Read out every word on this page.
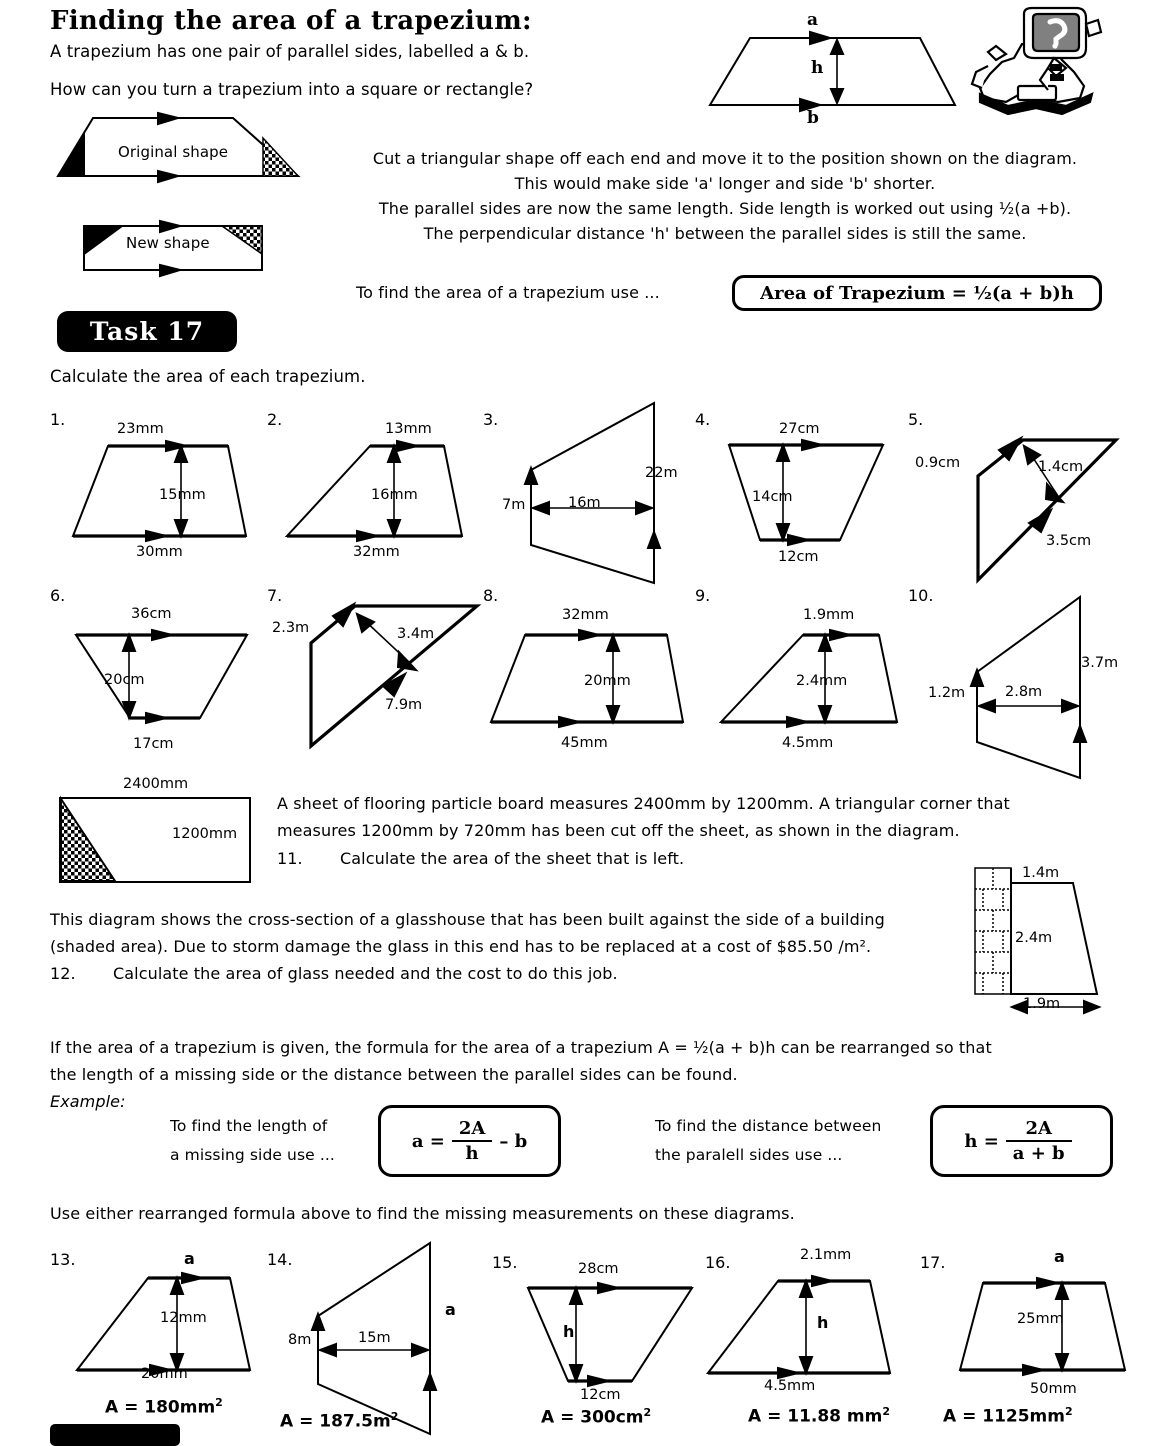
Finding the area of a trapezium:
A trapezium has one pair of parallel sides, labelled a & b.
How can you turn a trapezium into a square or rectangle?
a
h
b
Original shape
New shape
Cut a triangular shape off each end and move it to the position shown on the diagram.
This would make side 'a' longer and side 'b' shorter.
The parallel sides are now the same length. Side length is worked out using ½(a +b).
The perpendicular distance 'h' between the parallel sides is still the same.
To find the area of a trapezium use ...	Area of Trapezium = ½(a + b)h
Task 17
Calculate the area of each trapezium.
1.	23mm
15mm
30mm
2.	13mm
16mm
32mm
3.
7m	16m
22m
4.	27cm
14cm
12cm
5.
0.9cm	1.4cm
3.5cm
6.
36cm
20cm
17cm
7.
2.3m	3.4m
7.9m
8.
32mm
20mm
45mm
9.
1.9mm
2.4mm
4.5mm
10.
1.2m	2.8m
3.7m
2400mm
1200mm
A sheet of flooring particle board measures 2400mm by 1200mm. A triangular corner that
measures 1200mm by 720mm has been cut off the sheet, as shown in the diagram.
11. Calculate the area of the sheet that is left.
This diagram shows the cross-section of a glasshouse that has been built against the side of a building
(shaded area). Due to storm damage the glass in this end has to be replaced at a cost of $85.50 /m².
12. Calculate the area of glass needed and the cost to do this job.
1.4m
2.4m
1.9m
If the area of a trapezium is given, the formula for the area of a trapezium A = ½(a + b)h can be rearranged so that
the length of a missing side or the distance between the parallel sides can be found.
Example:
To find the length of
a missing side use ...
$a = \frac{2A}{h} - b$
To find the distance between
the paralell sides use ...
$h = \frac{2A}{a + b}$
Use either rearranged formula above to find the missing measurements on these diagrams.
13.	a
12mm
20mm
$A = 180mm^2$
14.
8m	15m
a
$A = 187.5m^2$
15.	28cm
h
12cm
$A = 300cm^2$
16.	2.1mm
h
4.5mm
A = 11.88 $mm^2$
17.	a
25mm
50mm
$A = 1125mm^2$
